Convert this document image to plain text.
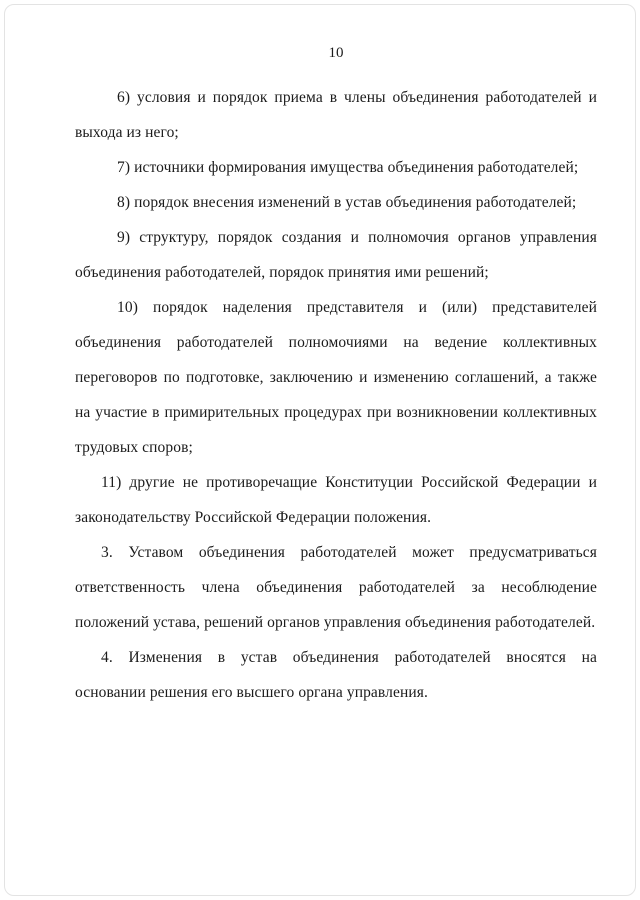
10
6) условия и порядок приема в члены объединения работодателей и
выхода из него;
7) источники формирования имущества объединения работодателей;
8) порядок внесения изменений в устав объединения работодателей;
9) структуру, порядок создания и полномочия органов управления
объединения работодателей, порядок принятия ими решений;
10) порядок наделения представителя и (или) представителей
объединения работодателей полномочиями на ведение коллективных
переговоров по подготовке, заключению и изменению соглашений, а также
на участие в примирительных процедурах при возникновении коллективных
трудовых споров;
11) другие не противоречащие Конституции Российской Федерации и
законодательству Российской Федерации положения.
3. Уставом объединения работодателей может предусматриваться
ответственность члена объединения работодателей за несоблюдение
положений устава, решений органов управления объединения работодателей.
4. Изменения в устав объединения работодателей вносятся на
основании решения его высшего органа управления.
